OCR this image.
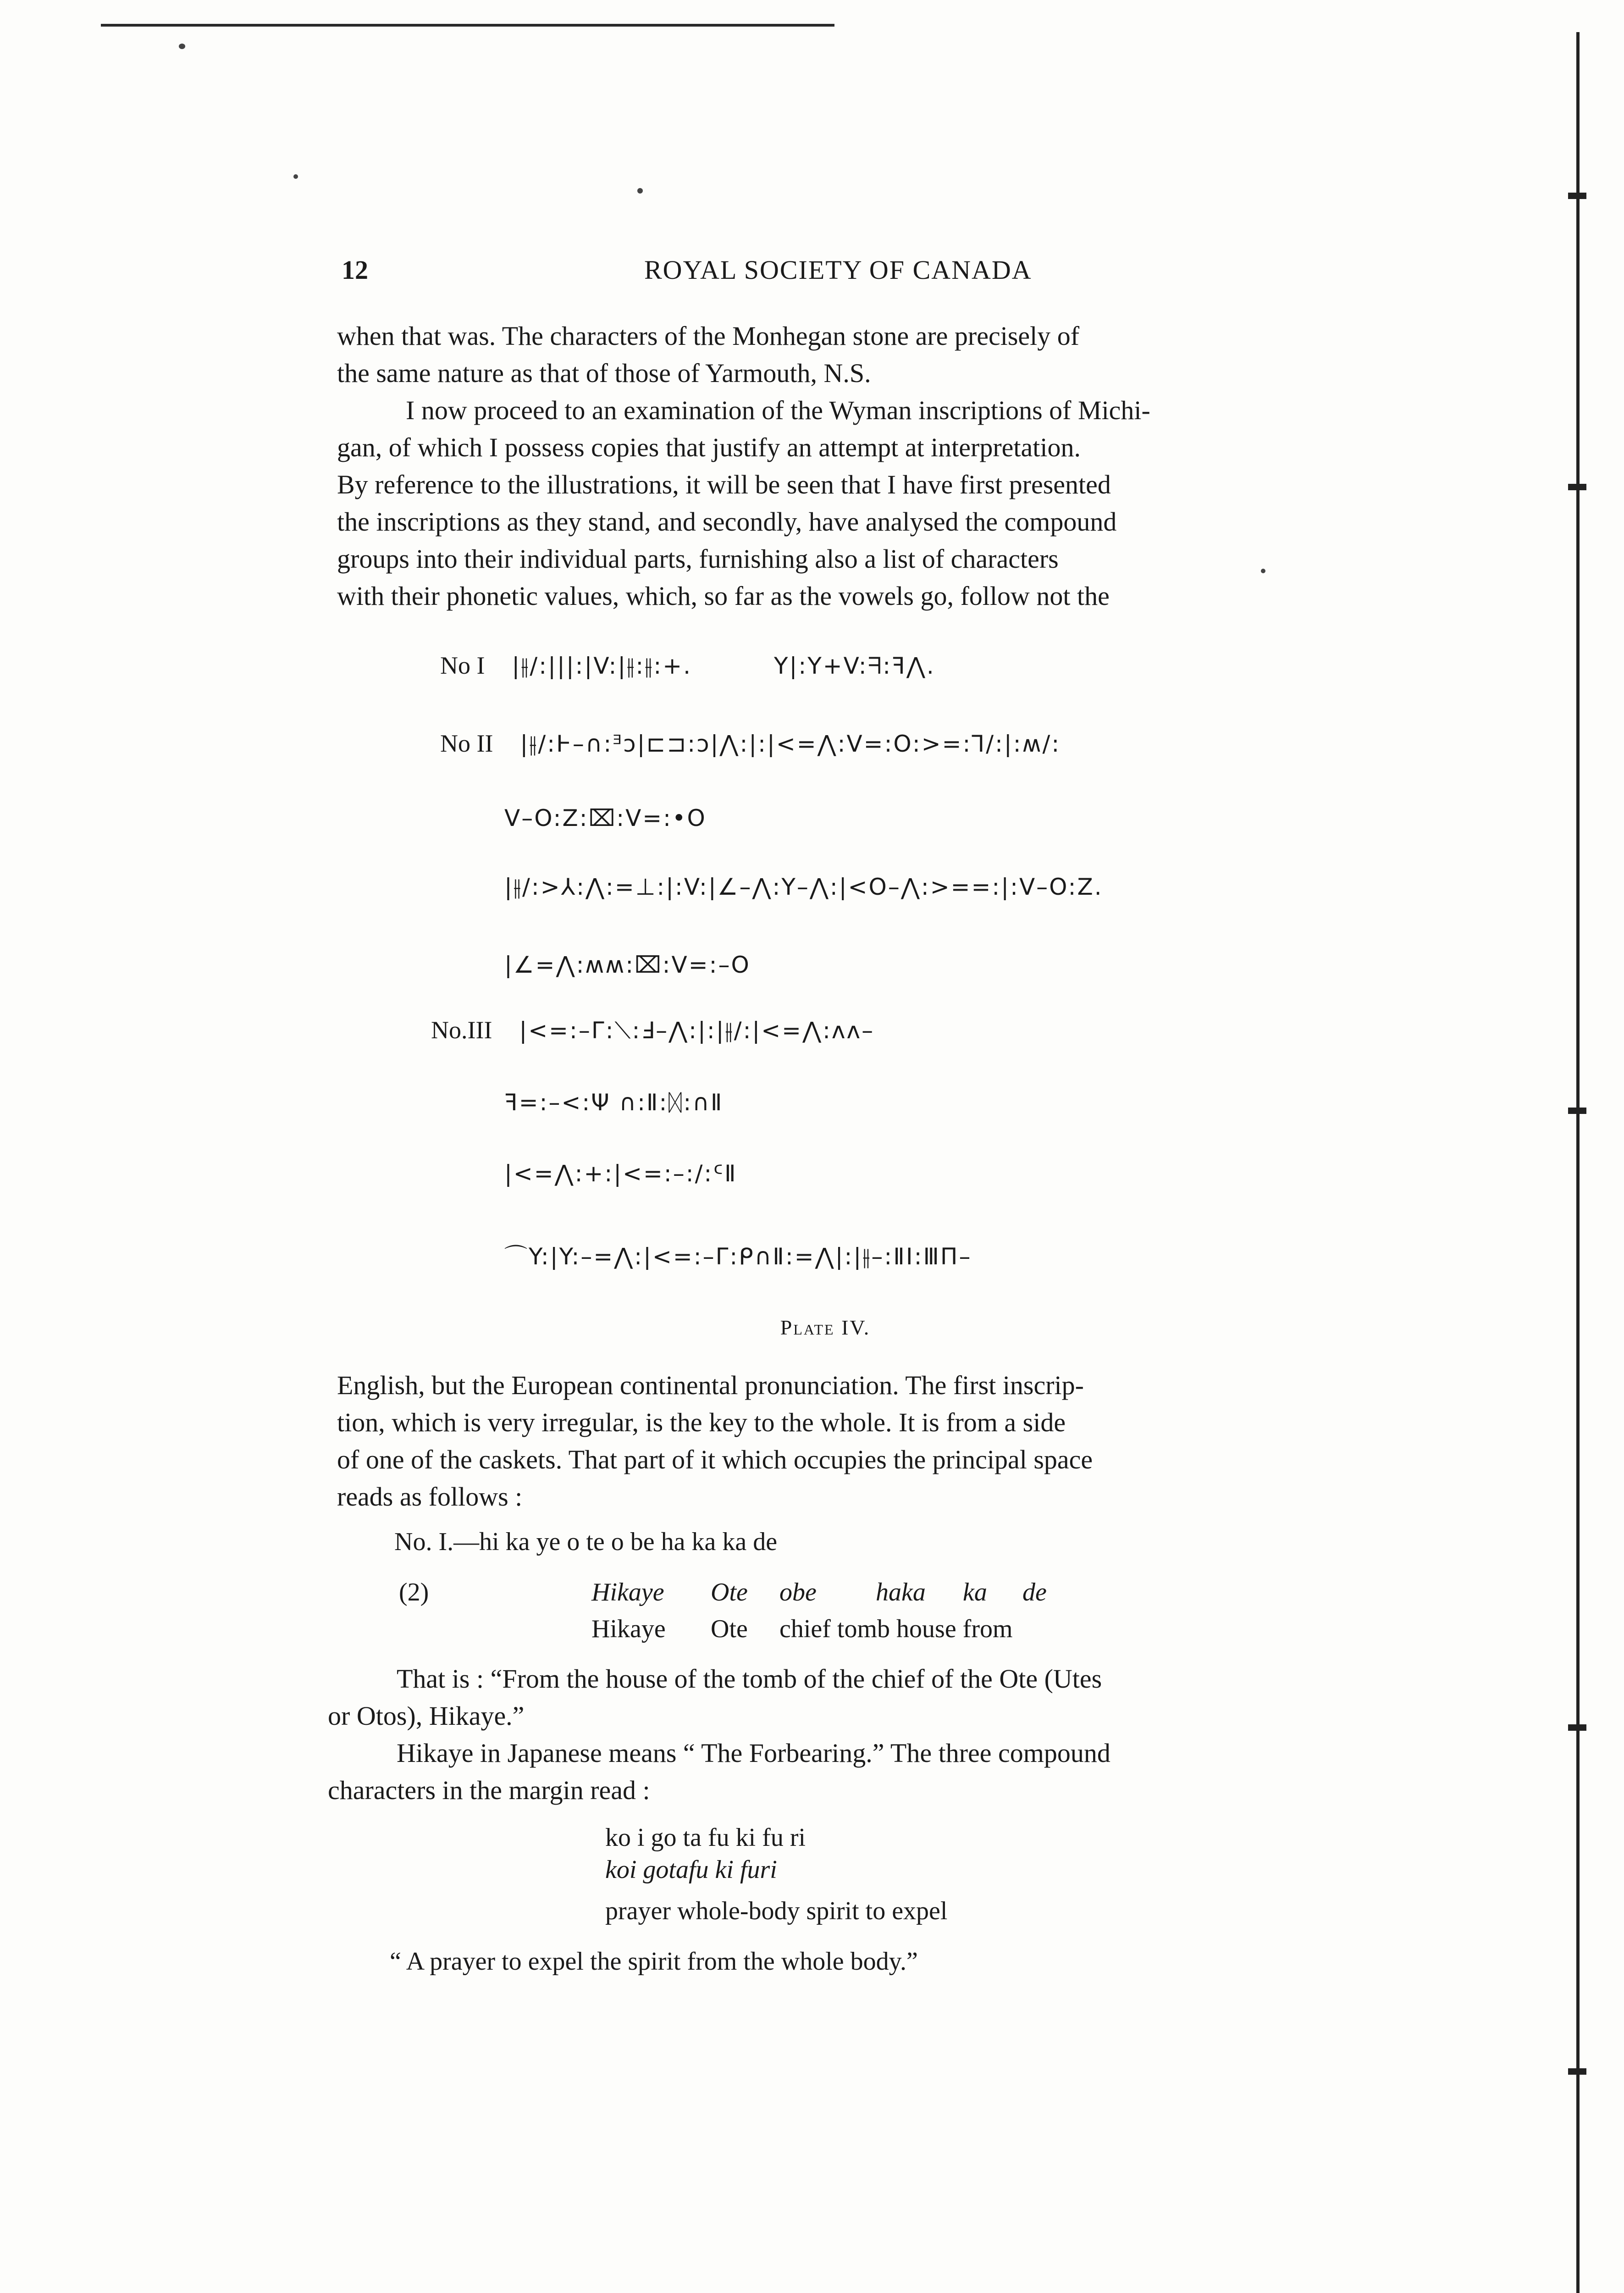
12	ROYAL SOCIETY OF CANADA

when that was. The characters of the Monhegan stone are precisely of
the same nature as that of those of Yarmouth, N.S.

I now proceed to an examination of the Wyman inscriptions of Michi-
gan, of which I possess copies that justify an attempt at interpretation.
By reference to the illustrations, it will be seen that I have first presented
the inscriptions as they stand, and secondly, have analysed the compound
groups into their individual parts, furnishing also a list of characters
with their phonetic values, which, so far as the vowels go, follow not the

No I |⫲/:|||:|V:|⫲:⫲:+.	Y|:Y+V:ᖷ:ꟻ⋀.
No II |⫲/:Ͱ–∩:ᴲↄ|⊏⊐:ↄ|⋀:|:|<=⋀:V=:O:>=:⅂/:|:ʍ/:
V–O:Z:⌧:V=:•O
|⫲/:>⅄:⋀:=⊥:|:V:|∠–⋀:Y–⋀:|<O–⋀:>==:|:V–O:Z.
|∠=⋀:ʍʍ:⌧:V=:–O
No.III |<=:–Γ:⟍:Ⅎ–⋀:|:|⫲/:|<=⋀:ʌʌ–
ꟻ=:–<:Ψ ∩:Ⅱ:ᛞ:∩Ⅱ
|<=⋀:+:|<=:–:/:ᑦⅡ
⌒Y:|Y:–=⋀:|<=:–Γ:ᑭ∩Ⅱ:=⋀|:|⫲–:ⅡⅠ:ⅢΠ–
Plate IV.

English, but the European continental pronunciation. The first inscrip-
tion, which is very irregular, is the key to the whole. It is from a side
of one of the caskets. That part of it which occupies the principal space
reads as follows :

No. I.—hi ka ye o te o be ha ka ka de
(2)	Hikaye Ote obe haka ka de
Hikaye Ote chief tomb house from

That is : “From the house of the tomb of the chief of the Ote (Utes
or Otos), Hikaye.”

Hikaye in Japanese means “ The Forbearing.” The three compound
characters in the margin read :

ko i go ta fu ki fu ri
koi gotafu ki furi
prayer whole-body spirit to expel
“ A prayer to expel the spirit from the whole body.”
